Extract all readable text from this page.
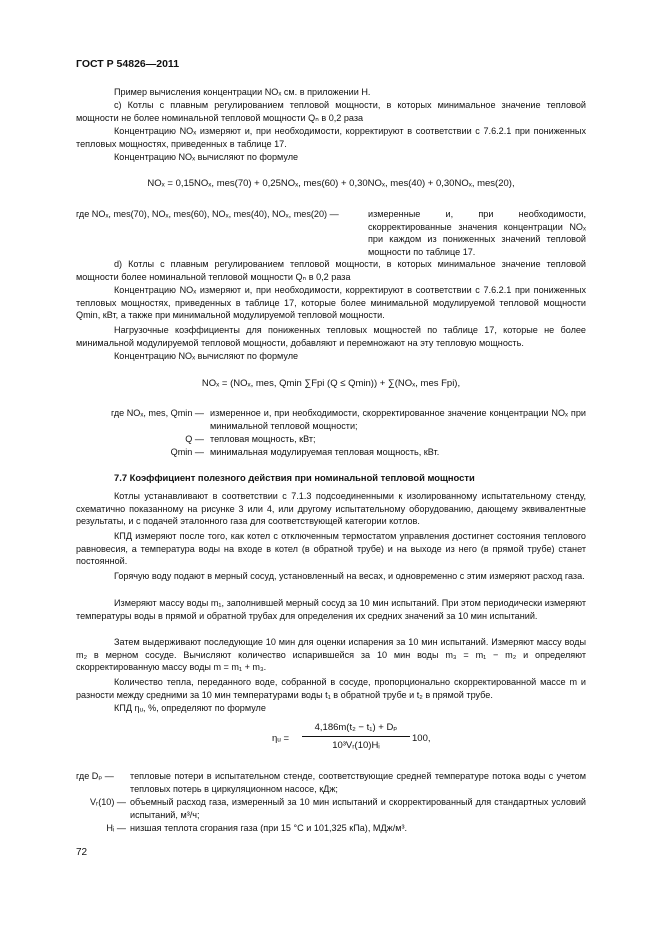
ГОСТ Р 54826—2011
Пример вычисления концентрации NOₓ см. в приложении Н.
c) Котлы с плавным регулированием тепловой мощности, в которых минимальное значение тепловой мощности не более номинальной тепловой мощности Qₙ в 0,2 раза
Концентрацию NOₓ измеряют и, при необходимости, корректируют в соответствии с 7.6.2.1 при пониженных тепловых мощностях, приведенных в таблице 17.
Концентрацию NOₓ вычисляют по формуле
NOₓ = 0,15NOₓ, mes(70) + 0,25NOₓ, mes(60) + 0,30NOₓ, mes(40) + 0,30NOₓ, mes(20),
где NOₓ, mes(70), NOₓ, mes(60), NOₓ, mes(40), NOₓ, mes(20) —	измеренные и, при необходимости, скорректированные значения концентрации NOₓ при каждом из пониженных значений тепловой мощности по таблице 17.
d) Котлы с плавным регулированием тепловой мощности, в которых минимальное значение тепловой мощности более номинальной тепловой мощности Qₙ в 0,2 раза
Концентрацию NOₓ измеряют и, при необходимости, корректируют в соответствии с 7.6.2.1 при пониженных тепловых мощностях, приведенных в таблице 17, которые более минимальной модулируемой тепловой мощности Qmin, кВт, а также при минимальной модулируемой тепловой мощности.
Нагрузочные коэффициенты для пониженных тепловых мощностей по таблице 17, которые не более минимальной модулируемой тепловой мощности, добавляют и перемножают на эту тепловую мощность.
Концентрацию NOₓ вычисляют по формуле
NOₓ = (NOₓ, mes, Qmin ∑Fpi (Q ≤ Qmin)) + ∑(NOₓ, mes Fpi),
где NOₓ, mes, Qmin — измеренное и, при необходимости, скорректированное значение концентрации NOₓ при минимальной тепловой мощности;
Q — тепловая мощность, кВт;
Qmin — минимальная модулируемая тепловая мощность, кВт.
7.7 Коэффициент полезного действия при номинальной тепловой мощности
Котлы устанавливают в соответствии с 7.1.3 подсоединенными к изолированному испытательному стенду, схематично показанному на рисунке 3 или 4, или другому испытательному оборудованию, дающему эквивалентные результаты, и с подачей эталонного газа для соответствующей категории котлов.
КПД измеряют после того, как котел с отключенным термостатом управления достигнет состояния теплового равновесия, а температура воды на входе в котел (в обратной трубе) и на выходе из него (в прямой трубе) станет постоянной.
Горячую воду подают в мерный сосуд, установленный на весах, и одновременно с этим измеряют расход газа.
Измеряют массу воды m₁, заполнившей мерный сосуд за 10 мин испытаний. При этом периодически измеряют температуры воды в прямой и обратной трубах для определения их средних значений за 10 мин испытаний.
Затем выдерживают последующие 10 мин для оценки испарения за 10 мин испытаний. Измеряют массу воды m₂ в мерном сосуде. Вычисляют количество испарившейся за 10 мин воды m₃ = m₁ − m₂ и определяют скорректированную массу воды m = m₁ + m₃.
Количество тепла, переданного воде, собранной в сосуде, пропорционально скорректированной массе m и разности между средними за 10 мин температурами воды t₁ в обратной трубе и t₂ в прямой трубе.
КПД ηᵤ, %, определяют по формуле
ηᵤ =
4,186m(t₂ − t₁) + Dₚ
10³Vᵣ(10)Hᵢ
100,
где Dₚ —	тепловые потери в испытательном стенде, соответствующие средней температуре потока воды с учетом тепловых потерь в циркуляционном насосе, кДж;
Vᵣ(10) — объемный расход газа, измеренный за 10 мин испытаний и скорректированный для стандартных условий испытаний, м³/ч;
Hᵢ — низшая теплота сгорания газа (при 15 °С и 101,325 кПа), МДж/м³.
72
